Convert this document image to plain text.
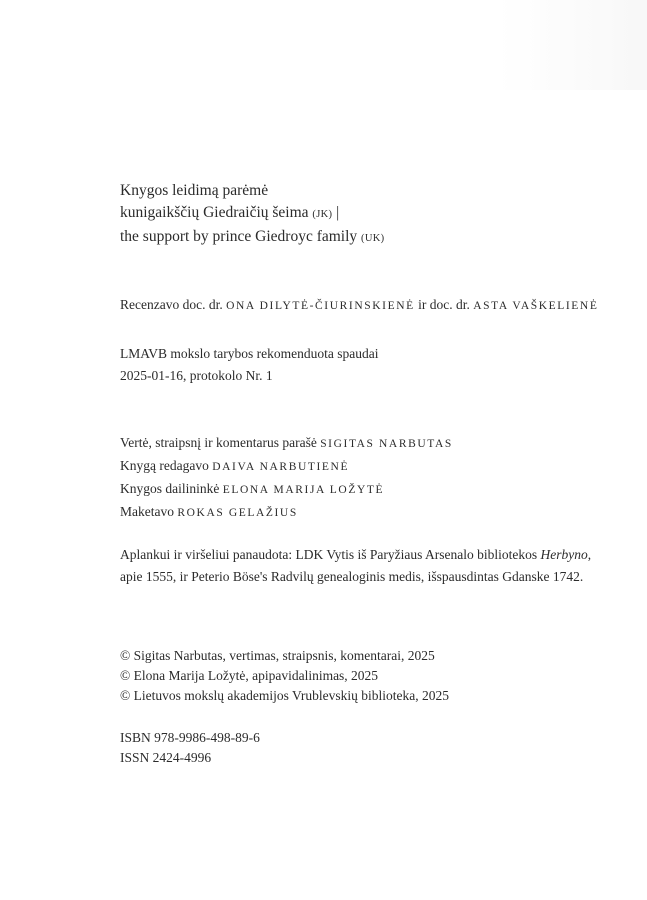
Knygos leidimą parėmė
kunigaikščių Giedraičių šeima (JK) |
the support by prince Giedroyc family (UK)
Recenzavo doc. dr. ONA DILYTĖ-ČIURINSKIENĖ ir doc. dr. ASTA VAŠKELIENĖ
LMAVB mokslo tarybos rekomenduota spaudai
2025-01-16, protokolo Nr. 1
Vertė, straipsnį ir komentarus parašė SIGITAS NARBUTAS
Knygą redagavo DAIVA NARBUTIENĖ
Knygos dailininkė ELONA MARIJA LOŽYTĖ
Maketavo ROKAS GELAŽIUS
Aplankui ir viršeliui panaudota: LDK Vytis iš Paryžiaus Arsenalo bibliotekos Herbyno,
apie 1555, ir Peterio Böse's Radvilų genealoginis medis, išspausdintas Gdanske 1742.
© Sigitas Narbutas, vertimas, straipsnis, komentarai, 2025
© Elona Marija Ložytė, apipavidalinimas, 2025
© Lietuvos mokslų akademijos Vrublevskių biblioteka, 2025
ISBN 978-9986-498-89-6
ISSN 2424-4996
